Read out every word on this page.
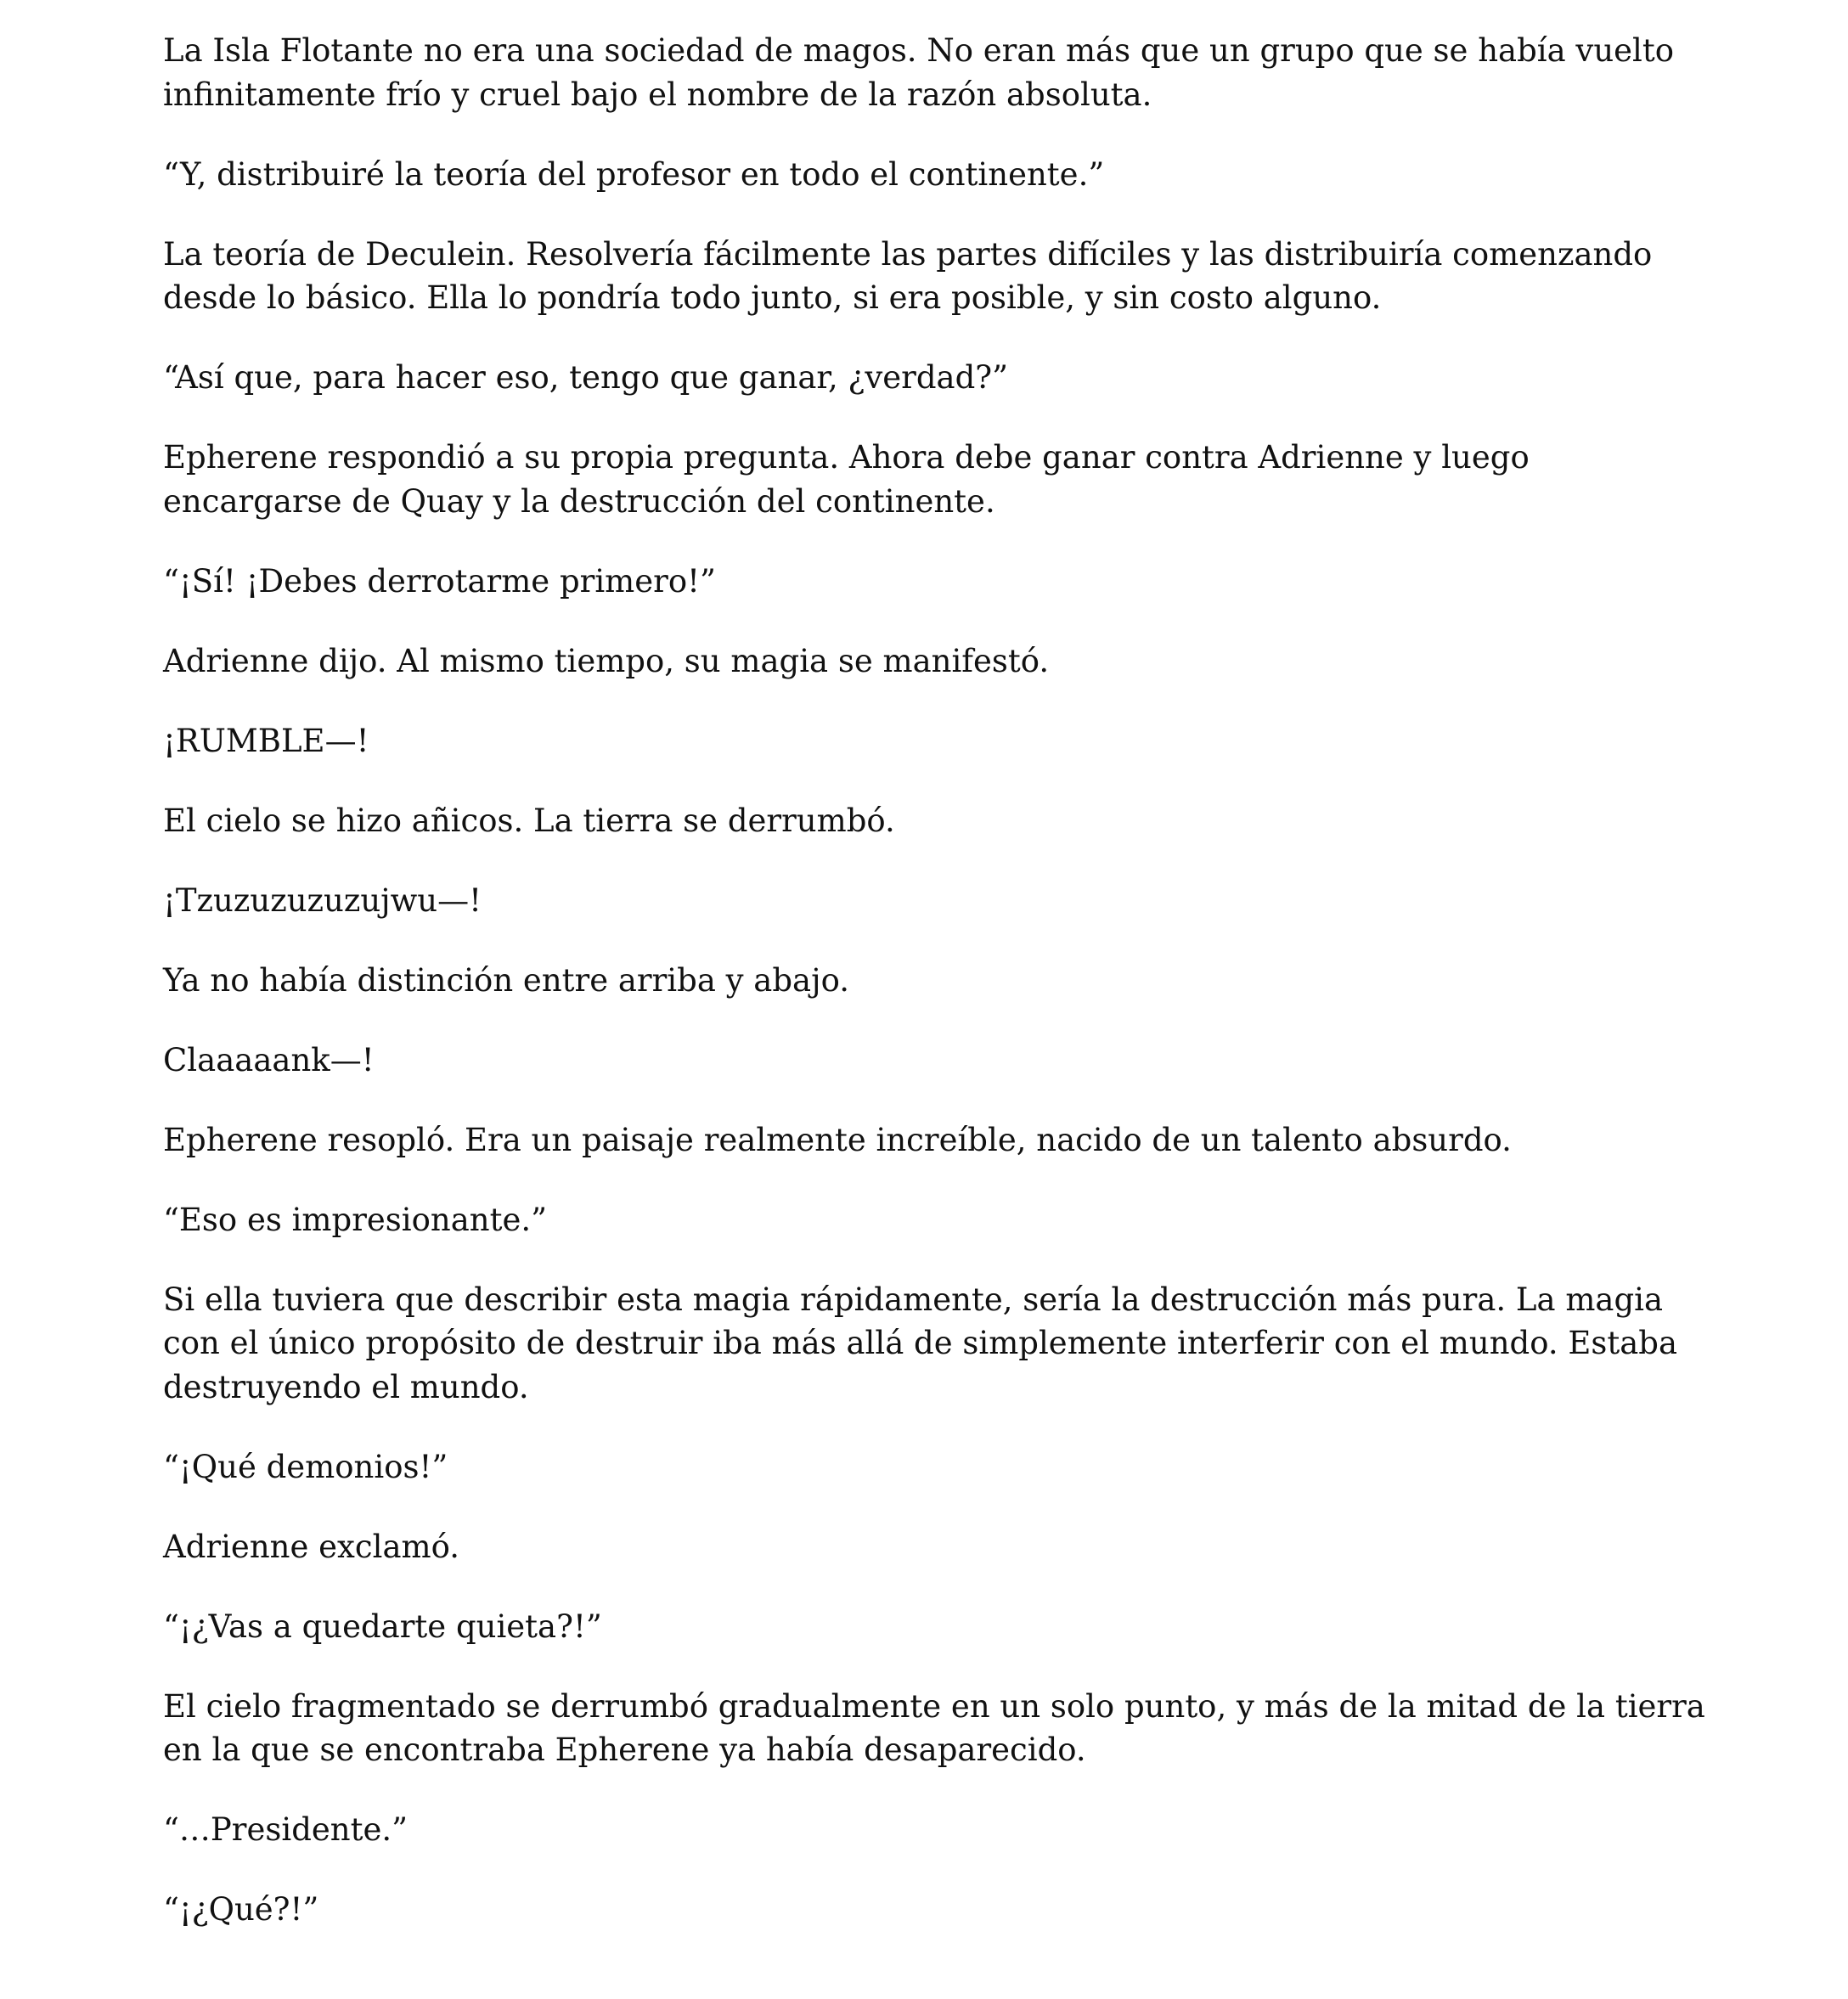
La Isla Flotante no era una sociedad de magos. No eran más que un grupo que se había vuelto infinitamente frío y cruel bajo el nombre de la razón absoluta.

“Y, distribuiré la teoría del profesor en todo el continente.”

La teoría de Deculein. Resolvería fácilmente las partes difíciles y las distribuiría comenzando desde lo básico. Ella lo pondría todo junto, si era posible, y sin costo alguno.

“Así que, para hacer eso, tengo que ganar, ¿verdad?”

Epherene respondió a su propia pregunta. Ahora debe ganar contra Adrienne y luego encargarse de Quay y la destrucción del continente.

“¡Sí! ¡Debes derrotarme primero!”

Adrienne dijo. Al mismo tiempo, su magia se manifestó.

¡RUMBLE—!

El cielo se hizo añicos. La tierra se derrumbó.

¡Tzuzuzuzuzujwu—!

Ya no había distinción entre arriba y abajo.

Claaaaank—!

Epherene resopló. Era un paisaje realmente increíble, nacido de un talento absurdo.

“Eso es impresionante.”

Si ella tuviera que describir esta magia rápidamente, sería la destrucción más pura. La magia con el único propósito de destruir iba más allá de simplemente interferir con el mundo. Estaba destruyendo el mundo.

“¡Qué demonios!”

Adrienne exclamó.

“¡¿Vas a quedarte quieta?!”

El cielo fragmentado se derrumbó gradualmente en un solo punto, y más de la mitad de la tierra en la que se encontraba Epherene ya había desaparecido.

“…Presidente.”

“¡¿Qué?!”
